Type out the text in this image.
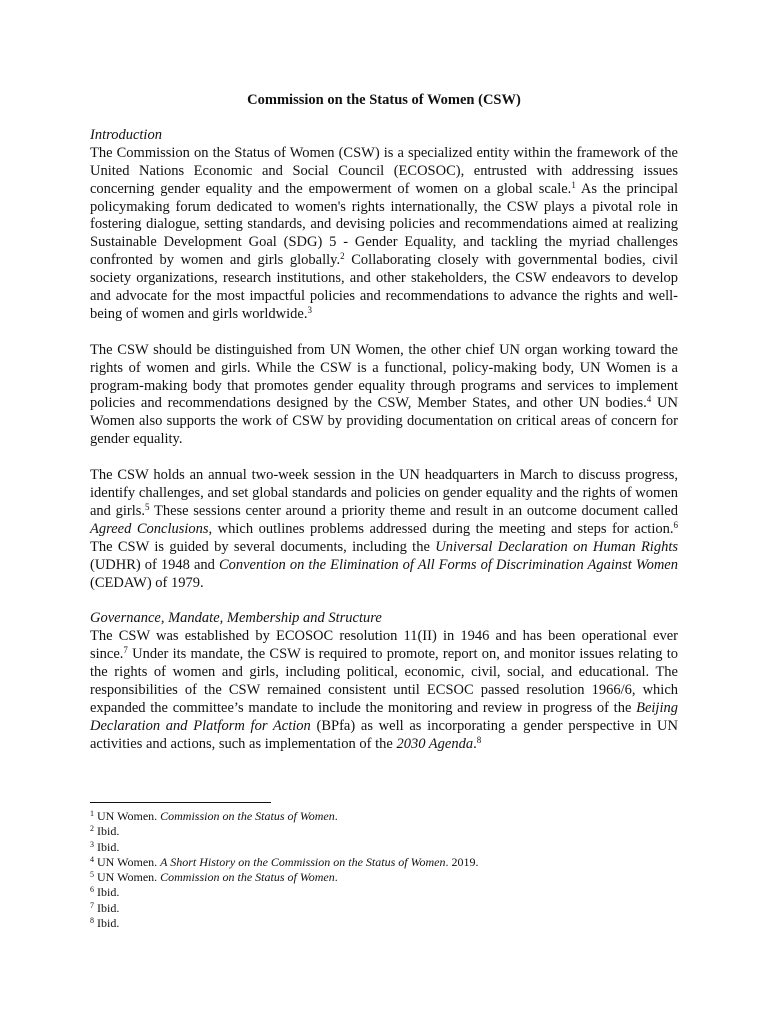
Commission on the Status of Women (CSW)

Introduction

The Commission on the Status of Women (CSW) is a specialized entity within the framework of the United Nations Economic and Social Council (ECOSOC), entrusted with addressing issues concerning gender equality and the empowerment of women on a global scale.$^1$ As the principal policymaking forum dedicated to women's rights internationally, the CSW plays a pivotal role in fostering dialogue, setting standards, and devising policies and recommendations aimed at realizing Sustainable Development Goal (SDG) 5 - Gender Equality, and tackling the myriad challenges confronted by women and girls globally.$^2$ Collaborating closely with governmental bodies, civil society organizations, research institutions, and other stakeholders, the CSW endeavors to develop and advocate for the most impactful policies and recommendations to advance the rights and well-being of women and girls worldwide.$^3$

The CSW should be distinguished from UN Women, the other chief UN organ working toward the rights of women and girls. While the CSW is a functional, policy-making body, UN Women is a program-making body that promotes gender equality through programs and services to implement policies and recommendations designed by the CSW, Member States, and other UN bodies.$^4$ UN Women also supports the work of CSW by providing documentation on critical areas of concern for gender equality.

The CSW holds an annual two-week session in the UN headquarters in March to discuss progress, identify challenges, and set global standards and policies on gender equality and the rights of women and girls.$^5$ These sessions center around a priority theme and result in an outcome document called Agreed Conclusions, which outlines problems addressed during the meeting and steps for action.$^6$ The CSW is guided by several documents, including the Universal Declaration on Human Rights (UDHR) of 1948 and Convention on the Elimination of All Forms of Discrimination Against Women (CEDAW) of 1979.

Governance, Mandate, Membership and Structure

The CSW was established by ECOSOC resolution 11(II) in 1946 and has been operational ever since.$^7$ Under its mandate, the CSW is required to promote, report on, and monitor issues relating to the rights of women and girls, including political, economic, civil, social, and educational. The responsibilities of the CSW remained consistent until ECSOC passed resolution 1966/6, which expanded the committee’s mandate to include the monitoring and review in progress of the Beijing Declaration and Platform for Action (BPfa) as well as incorporating a gender perspective in UN activities and actions, such as implementation of the 2030 Agenda.$^8$

$^1$ UN Women. Commission on the Status of Women.
$^2$ Ibid.
$^3$ Ibid.
$^4$ UN Women. A Short History on the Commission on the Status of Women. 2019.
$^5$ UN Women. Commission on the Status of Women.
$^6$ Ibid.
$^7$ Ibid.
$^8$ Ibid.
